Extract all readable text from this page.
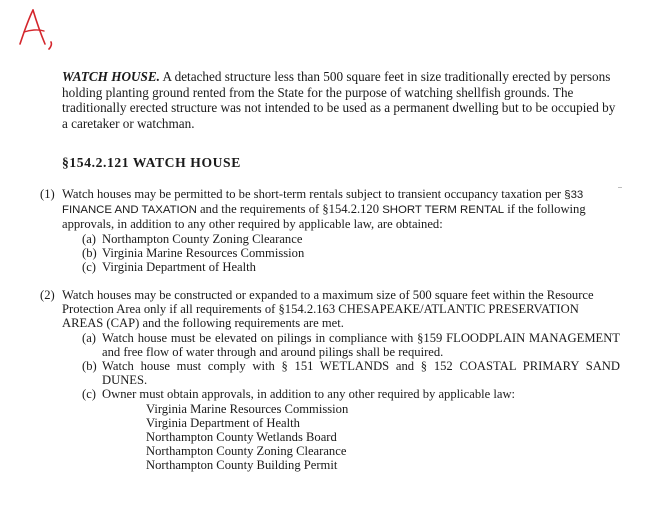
WATCH HOUSE. A detached structure less than 500 square feet in size traditionally erected by persons holding planting ground rented from the State for the purpose of watching shellfish grounds. The traditionally erected structure was not intended to be used as a permanent dwelling but to be occupied by a caretaker or watchman.
§154.2.121 WATCH HOUSE
(1) Watch houses may be permitted to be short-term rentals subject to transient occupancy taxation per §33 FINANCE AND TAXATION and the requirements of §154.2.120 SHORT TERM RENTAL if the following approvals, in addition to any other required by applicable law, are obtained:
(a) Northampton County Zoning Clearance
(b) Virginia Marine Resources Commission
(c) Virginia Department of Health
(2) Watch houses may be constructed or expanded to a maximum size of 500 square feet within the Resource Protection Area only if all requirements of §154.2.163 CHESAPEAKE/ATLANTIC PRESERVATION AREAS (CAP) and the following requirements are met.
(a) Watch house must be elevated on pilings in compliance with §159 FLOODPLAIN MANAGEMENT and free flow of water through and around pilings shall be required.
(b) Watch house must comply with § 151 WETLANDS and § 152 COASTAL PRIMARY SAND DUNES.
(c) Owner must obtain approvals, in addition to any other required by applicable law:
Virginia Marine Resources Commission
Virginia Department of Health
Northampton County Wetlands Board
Northampton County Zoning Clearance
Northampton County Building Permit
